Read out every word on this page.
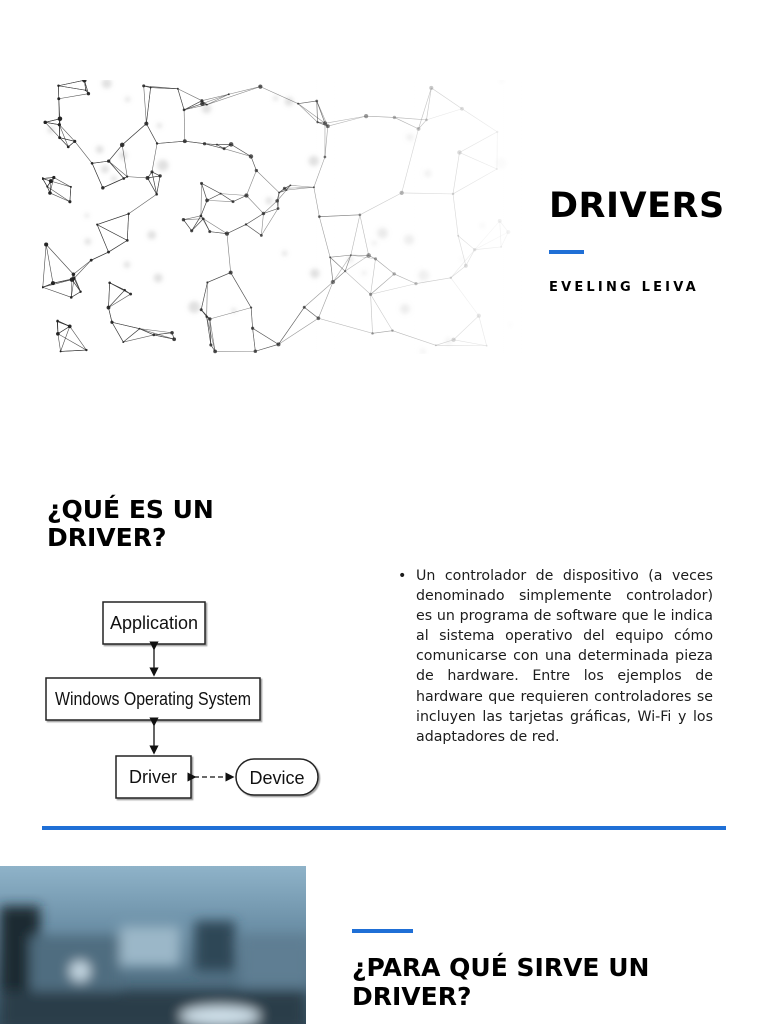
DRIVERS
EVELING LEIVA
¿QUÉ ES UN
DRIVER?
Application
Windows Operating System
Driver	Device
• Un controlador de dispositivo (a veces denominado simplemente controlador) es un programa de software que le indica al sistema operativo del equipo cómo comunicarse con una determinada pieza de hardware. Entre los ejemplos de hardware que requieren controladores se incluyen las tarjetas gráficas, Wi-Fi y los adaptadores de red.
¿PARA QUÉ SIRVE UN
DRIVER?
